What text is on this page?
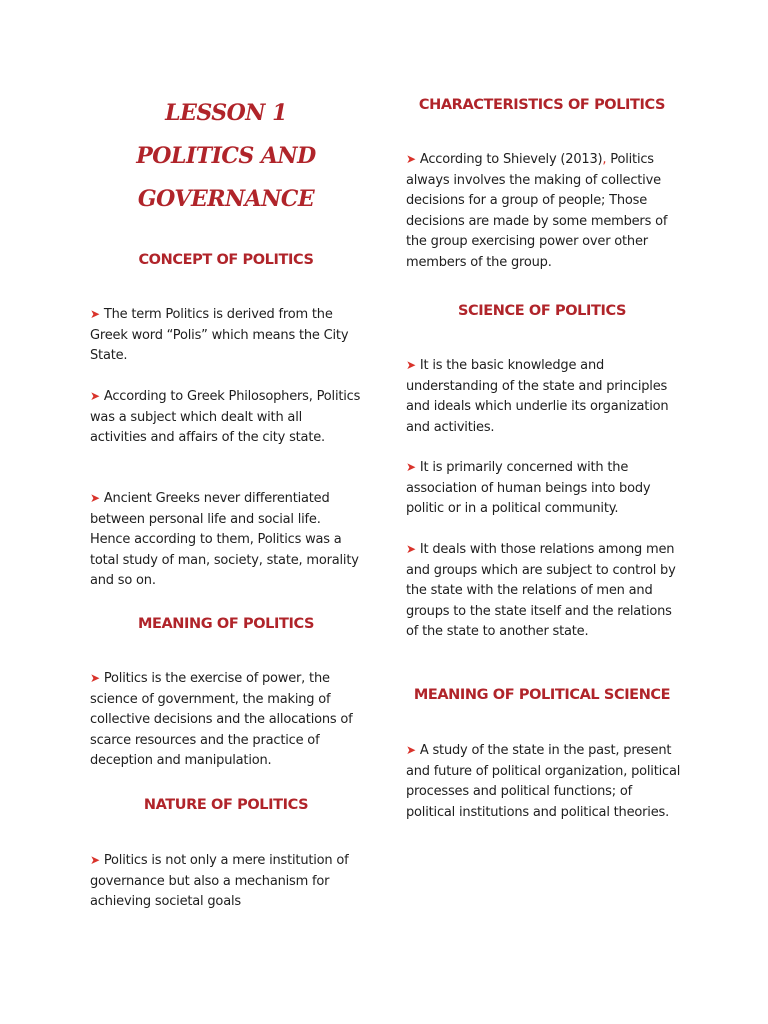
LESSON 1
POLITICS AND
GOVERNANCE
CONCEPT OF POLITICS
➤ The term Politics is derived from the Greek word “Polis” which means the City State.
➤ According to Greek Philosophers, Politics was a subject which dealt with all activities and affairs of the city state.
➤ Ancient Greeks never differentiated between personal life and social life. Hence according to them, Politics was a total study of man, society, state, morality and so on.
MEANING OF POLITICS
➤ Politics is the exercise of power, the science of government, the making of collective decisions and the allocations of scarce resources and the practice of deception and manipulation.
NATURE OF POLITICS
➤ Politics is not only a mere institution of governance but also a mechanism for achieving societal goals
CHARACTERISTICS OF POLITICS
➤ According to Shievely (2013), Politics always involves the making of collective decisions for a group of people; Those decisions are made by some members of the group exercising power over other members of the group.
SCIENCE OF POLITICS
➤ It is the basic knowledge and understanding of the state and principles and ideals which underlie its organization and activities.
➤ It is primarily concerned with the association of human beings into body politic or in a political community.
➤ It deals with those relations among men and groups which are subject to control by the state with the relations of men and groups to the state itself and the relations of the state to another state.
MEANING OF POLITICAL SCIENCE
➤ A study of the state in the past, present and future of political organization, political processes and political functions; of political institutions and political theories.
